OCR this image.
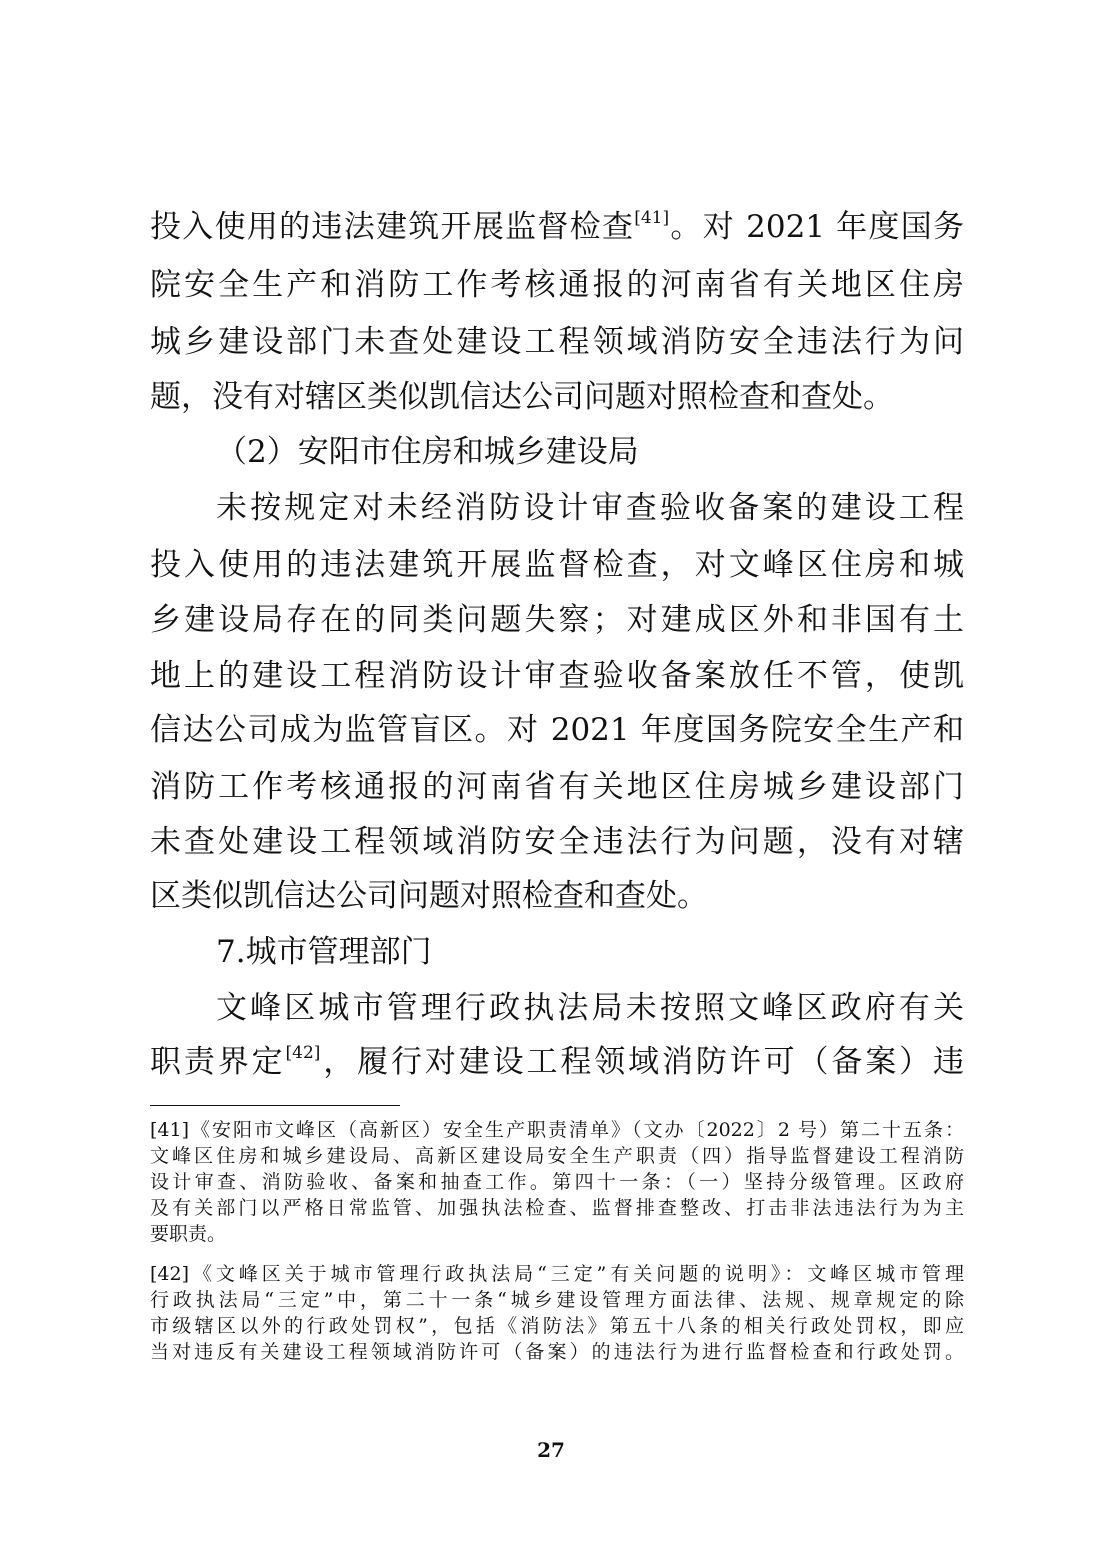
投入使用的违法建筑开展监督检查[41]。对 2021 年度国务
院安全生产和消防工作考核通报的河南省有关地区住房
城乡建设部门未查处建设工程领域消防安全违法行为问
题，没有对辖区类似凯信达公司问题对照检查和查处。
（2）安阳市住房和城乡建设局
未按规定对未经消防设计审查验收备案的建设工程
投入使用的违法建筑开展监督检查，对文峰区住房和城
乡建设局存在的同类问题失察；对建成区外和非国有土
地上的建设工程消防设计审查验收备案放任不管，使凯
信达公司成为监管盲区。对 2021 年度国务院安全生产和
消防工作考核通报的河南省有关地区住房城乡建设部门
未查处建设工程领域消防安全违法行为问题，没有对辖
区类似凯信达公司问题对照检查和查处。
7.城市管理部门
文峰区城市管理行政执法局未按照文峰区政府有关
职责界定[42]，履行对建设工程领域消防许可（备案）违
[41]《安阳市文峰区（高新区）安全生产职责清单》（文办〔2022〕2 号）第二十五条：
文峰区住房和城乡建设局、高新区建设局安全生产职责（四）指导监督建设工程消防
设计审查、消防验收、备案和抽查工作。第四十一条：（一）坚持分级管理。区政府
及有关部门以严格日常监管、加强执法检查、监督排查整改、打击非法违法行为为主
要职责。
[42]《文峰区关于城市管理行政执法局“三定”有关问题的说明》：文峰区城市管理
行政执法局“三定”中，第二十一条“城乡建设管理方面法律、法规、规章规定的除
市级辖区以外的行政处罚权”，包括《消防法》第五十八条的相关行政处罚权，即应
当对违反有关建设工程领域消防许可（备案）的违法行为进行监督检查和行政处罚。
27
